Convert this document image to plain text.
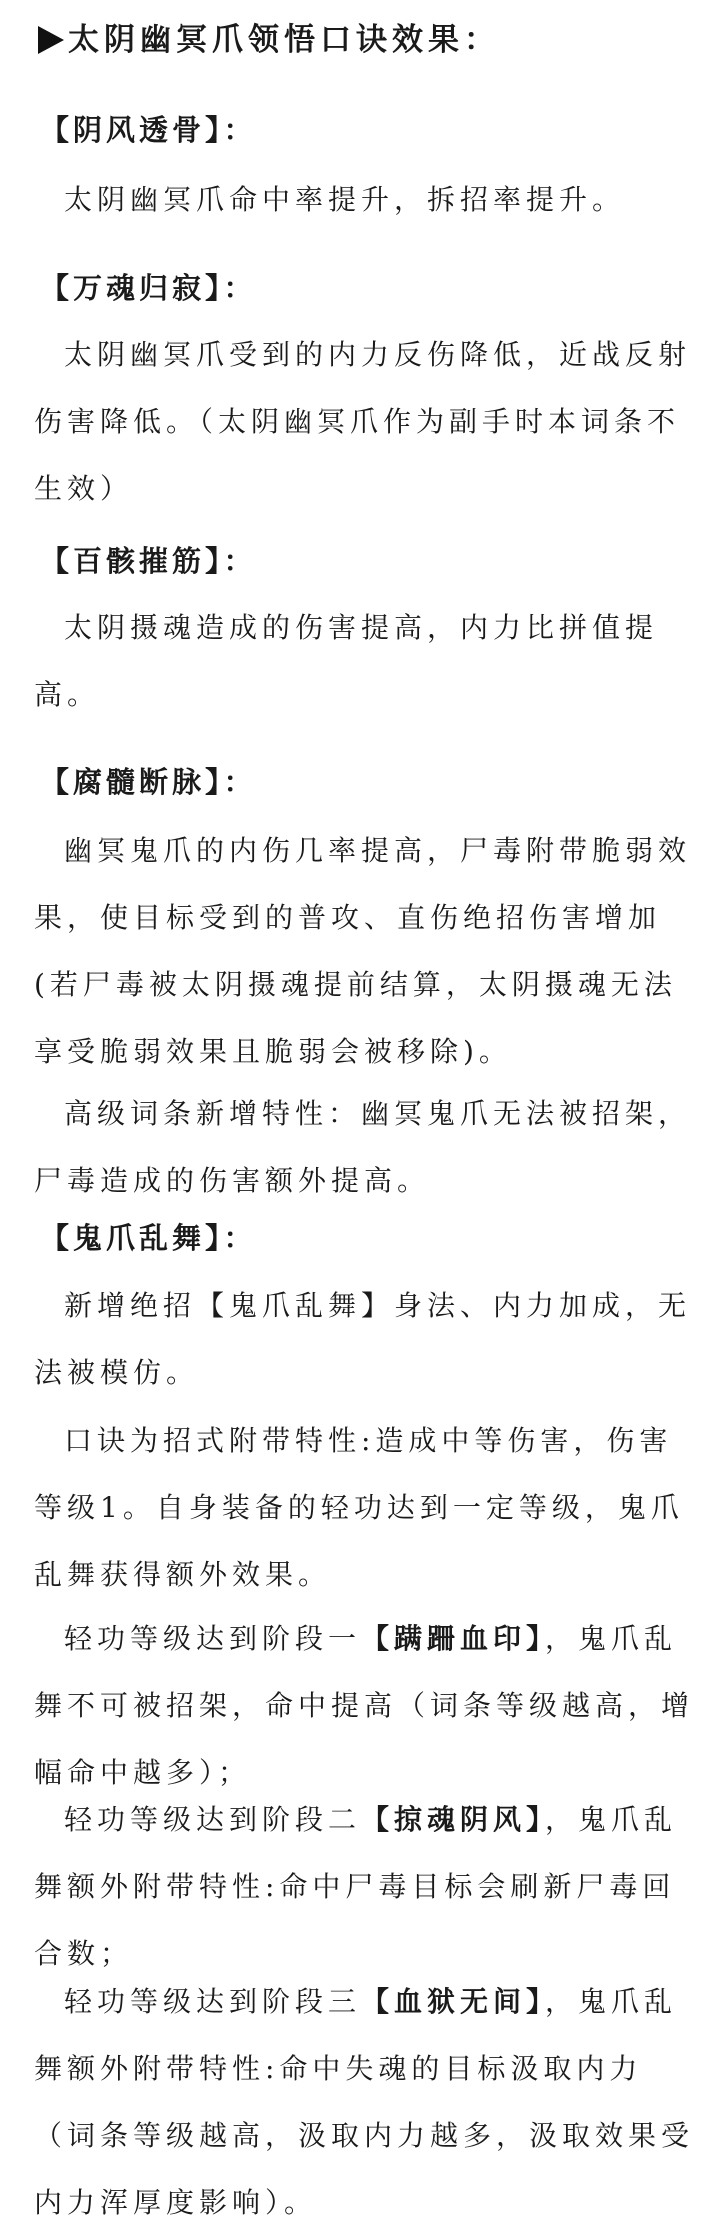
太阴幽冥爪领悟口诀效果：
【阴风透骨】：

太阴幽冥爪命中率提升，拆招率提升。

【万魂归寂】：

太阴幽冥爪受到的内力反伤降低，近战反射伤害降低。（太阴幽冥爪作为副手时本词条不生效）

【百骸摧筋】：

太阴摄魂造成的伤害提高，内力比拼值提高。

【腐髓断脉】：

幽冥鬼爪的内伤几率提高，尸毒附带脆弱效果，使目标受到的普攻、直伤绝招伤害增加(若尸毒被太阴摄魂提前结算，太阴摄魂无法享受脆弱效果且脆弱会被移除)。

高级词条新增特性：幽冥鬼爪无法被招架，尸毒造成的伤害额外提高。

【鬼爪乱舞】：

新增绝招【鬼爪乱舞】身法、内力加成，无法被模仿。

口诀为招式附带特性:造成中等伤害，伤害等级1。自身装备的轻功达到一定等级，鬼爪乱舞获得额外效果。

轻功等级达到阶段一【蹒跚血印】，鬼爪乱舞不可被招架，命中提高（词条等级越高，增幅命中越多）；

轻功等级达到阶段二【掠魂阴风】，鬼爪乱舞额外附带特性:命中尸毒目标会刷新尸毒回合数；

轻功等级达到阶段三【血狱无间】，鬼爪乱舞额外附带特性:命中失魂的目标汲取内力（词条等级越高，汲取内力越多，汲取效果受内力浑厚度影响）。
